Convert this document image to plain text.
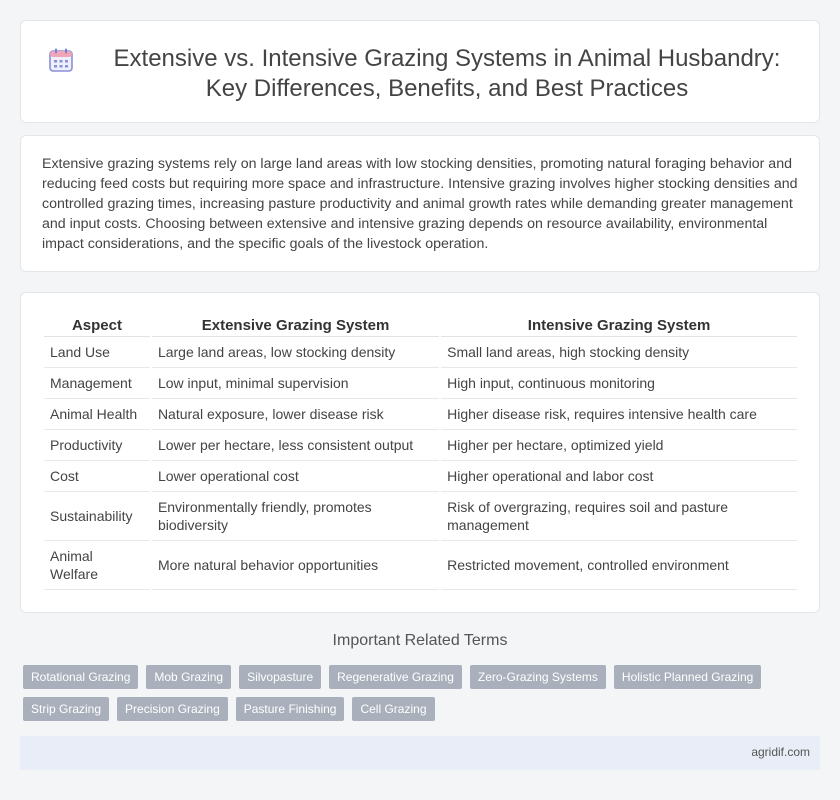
Extensive vs. Intensive Grazing Systems in Animal Husbandry: Key Differences, Benefits, and Best Practices

Extensive grazing systems rely on large land areas with low stocking densities, promoting natural foraging behavior and reducing feed costs but requiring more space and infrastructure. Intensive grazing involves higher stocking densities and controlled grazing times, increasing pasture productivity and animal growth rates while demanding greater management and input costs. Choosing between extensive and intensive grazing depends on resource availability, environmental impact considerations, and the specific goals of the livestock operation.

Aspect	Extensive Grazing System	Intensive Grazing System
Land Use	Large land areas, low stocking density	Small land areas, high stocking density
Management	Low input, minimal supervision	High input, continuous monitoring
Animal Health	Natural exposure, lower disease risk	Higher disease risk, requires intensive health care
Productivity	Lower per hectare, less consistent output	Higher per hectare, optimized yield
Cost	Lower operational cost	Higher operational and labor cost
Sustainability	Environmentally friendly, promotes biodiversity	Risk of overgrazing, requires soil and pasture management
Animal Welfare	More natural behavior opportunities	Restricted movement, controlled environment
Important Related Terms
Rotational Grazing	Mob Grazing	Silvopasture	Regenerative Grazing	Zero-Grazing Systems	Holistic Planned Grazing
Strip Grazing	Precision Grazing	Pasture Finishing	Cell Grazing
agridif.com
